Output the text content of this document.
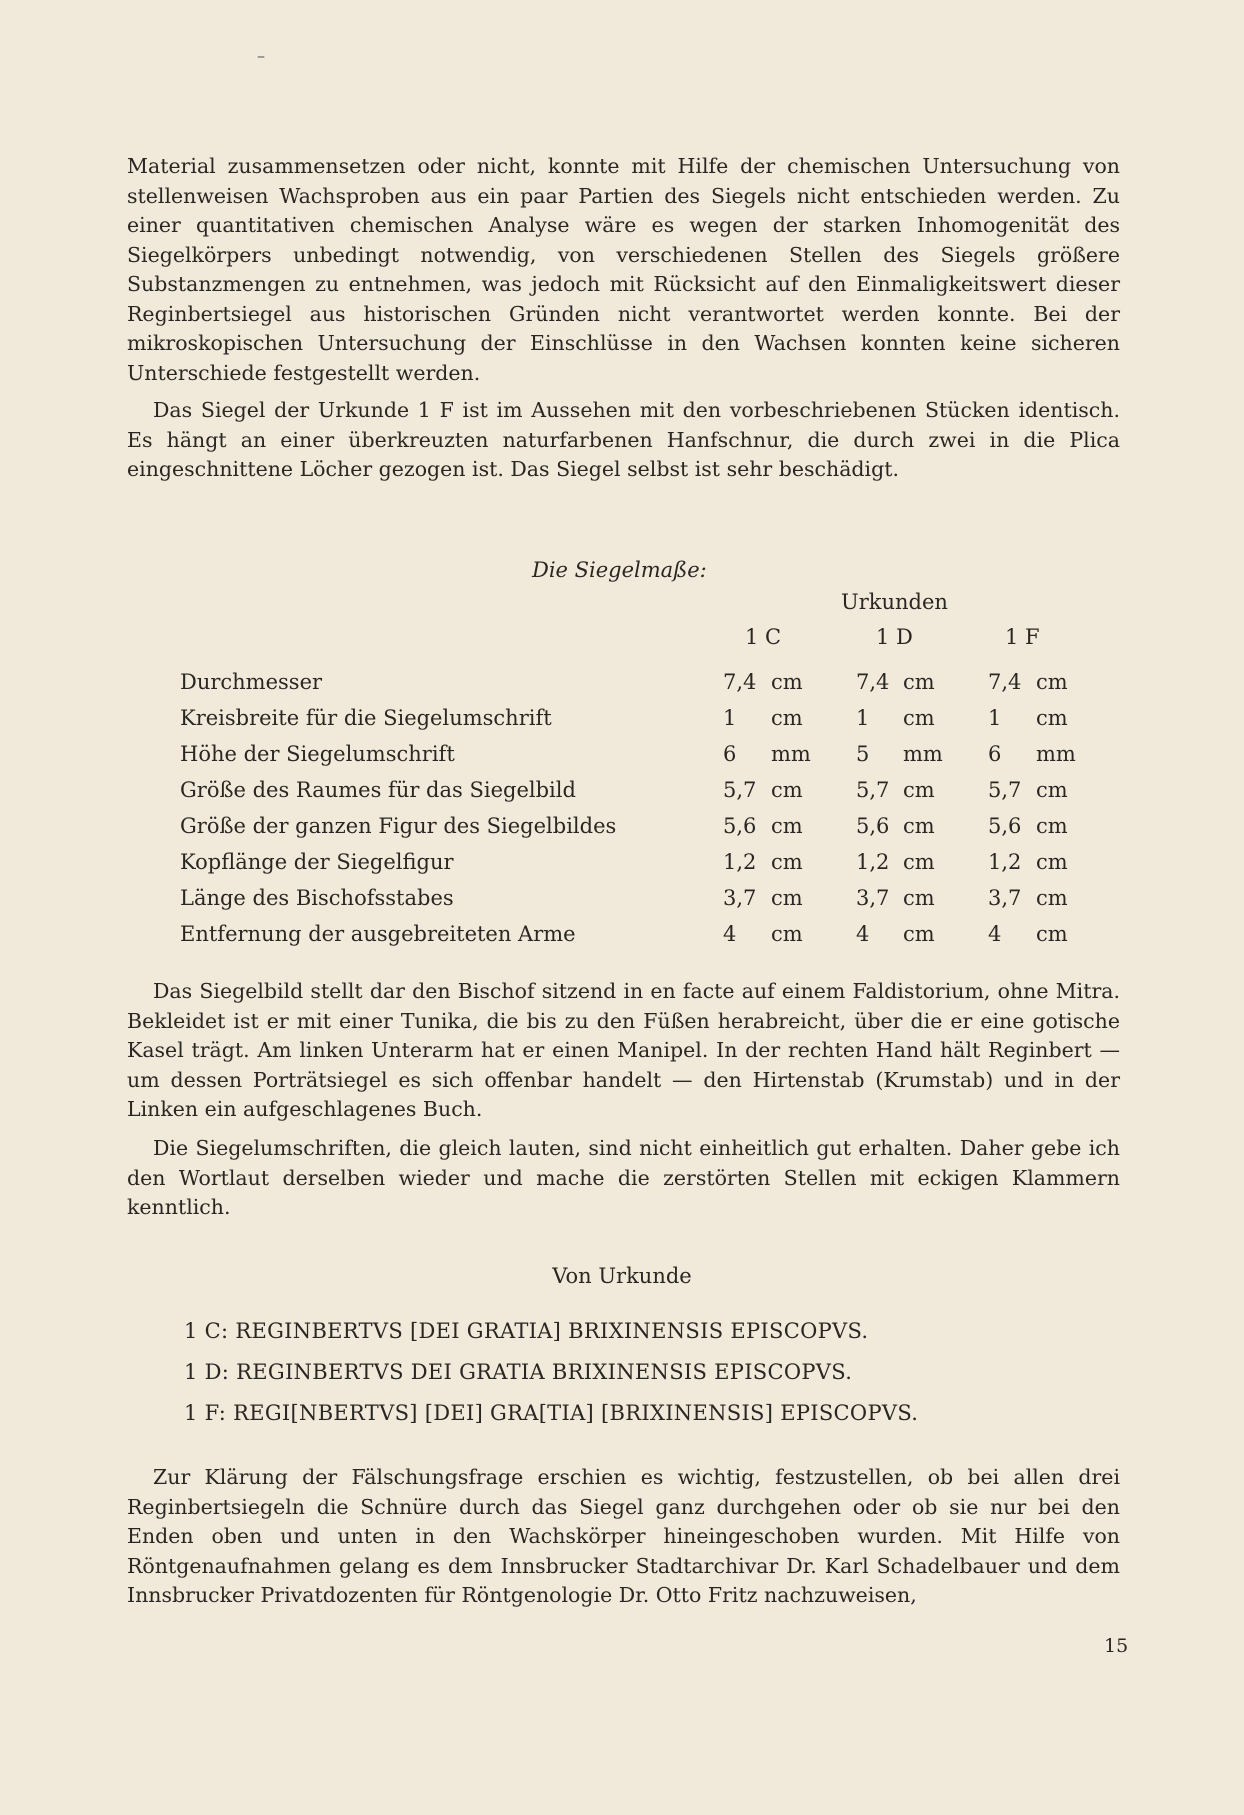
–

Material zusammensetzen oder nicht, konnte mit Hilfe der chemischen Untersuchung von stellenweisen Wachsproben aus ein paar Partien des Siegels nicht entschieden werden. Zu einer quantitativen chemischen Analyse wäre es wegen der starken Inhomogenität des Siegelkörpers unbedingt notwendig, von verschiedenen Stellen des Siegels größere Substanzmengen zu entnehmen, was jedoch mit Rücksicht auf den Einmaligkeitswert dieser Reginbertsiegel aus historischen Gründen nicht verantwortet werden konnte. Bei der mikroskopischen Untersuchung der Einschlüsse in den Wachsen konnten keine sicheren Unterschiede festgestellt werden.

Das Siegel der Urkunde 1 F ist im Aussehen mit den vorbeschriebenen Stücken identisch. Es hängt an einer überkreuzten naturfarbenen Hanfschnur, die durch zwei in die Plica eingeschnittene Löcher gezogen ist. Das Siegel selbst ist sehr beschädigt.

Die Siegelmaße:
Urkunden
1 C	1 D	1 F
Durchmesser	7,4 cm	7,4 cm	7,4 cm
Kreisbreite für die Siegelumschrift	1 cm	1 cm	1 cm
Höhe der Siegelumschrift	6 mm 5 mm 6 mm
Größe des Raumes für das Siegelbild	5,7 cm	5,7 cm	5,7 cm
Größe der ganzen Figur des Siegelbildes	5,6 cm	5,6 cm	5,6 cm
Kopflänge der Siegelfigur	1,2 cm	1,2 cm	1,2 cm
Länge des Bischofsstabes	3,7 cm	3,7 cm	3,7 cm
Entfernung der ausgebreiteten Arme	4 cm	4 cm	4 cm

Das Siegelbild stellt dar den Bischof sitzend in en facte auf einem Faldistorium, ohne Mitra. Bekleidet ist er mit einer Tunika, die bis zu den Füßen herabreicht, über die er eine gotische Kasel trägt. Am linken Unterarm hat er einen Manipel. In der rechten Hand hält Reginbert — um dessen Porträtsiegel es sich offenbar handelt — den Hirtenstab (Krumstab) und in der Linken ein aufgeschlagenes Buch.

Die Siegelumschriften, die gleich lauten, sind nicht einheitlich gut erhalten. Daher gebe ich den Wortlaut derselben wieder und mache die zerstörten Stellen mit eckigen Klammern kenntlich.

Von Urkunde
1 C: REGINBERTVS [DEI GRATIA] BRIXINENSIS EPISCOPVS.
1 D: REGINBERTVS DEI GRATIA BRIXINENSIS EPISCOPVS.
1 F: REGI[NBERTVS] [DEI] GRA[TIA] [BRIXINENSIS] EPISCOPVS.

Zur Klärung der Fälschungsfrage erschien es wichtig, festzustellen, ob bei allen drei Reginbertsiegeln die Schnüre durch das Siegel ganz durchgehen oder ob sie nur bei den Enden oben und unten in den Wachskörper hineingeschoben wurden. Mit Hilfe von Röntgenaufnahmen gelang es dem Innsbrucker Stadtarchivar Dr. Karl Schadelbauer und dem Innsbrucker Privatdozenten für Röntgenologie Dr. Otto Fritz nachzuweisen,

15
